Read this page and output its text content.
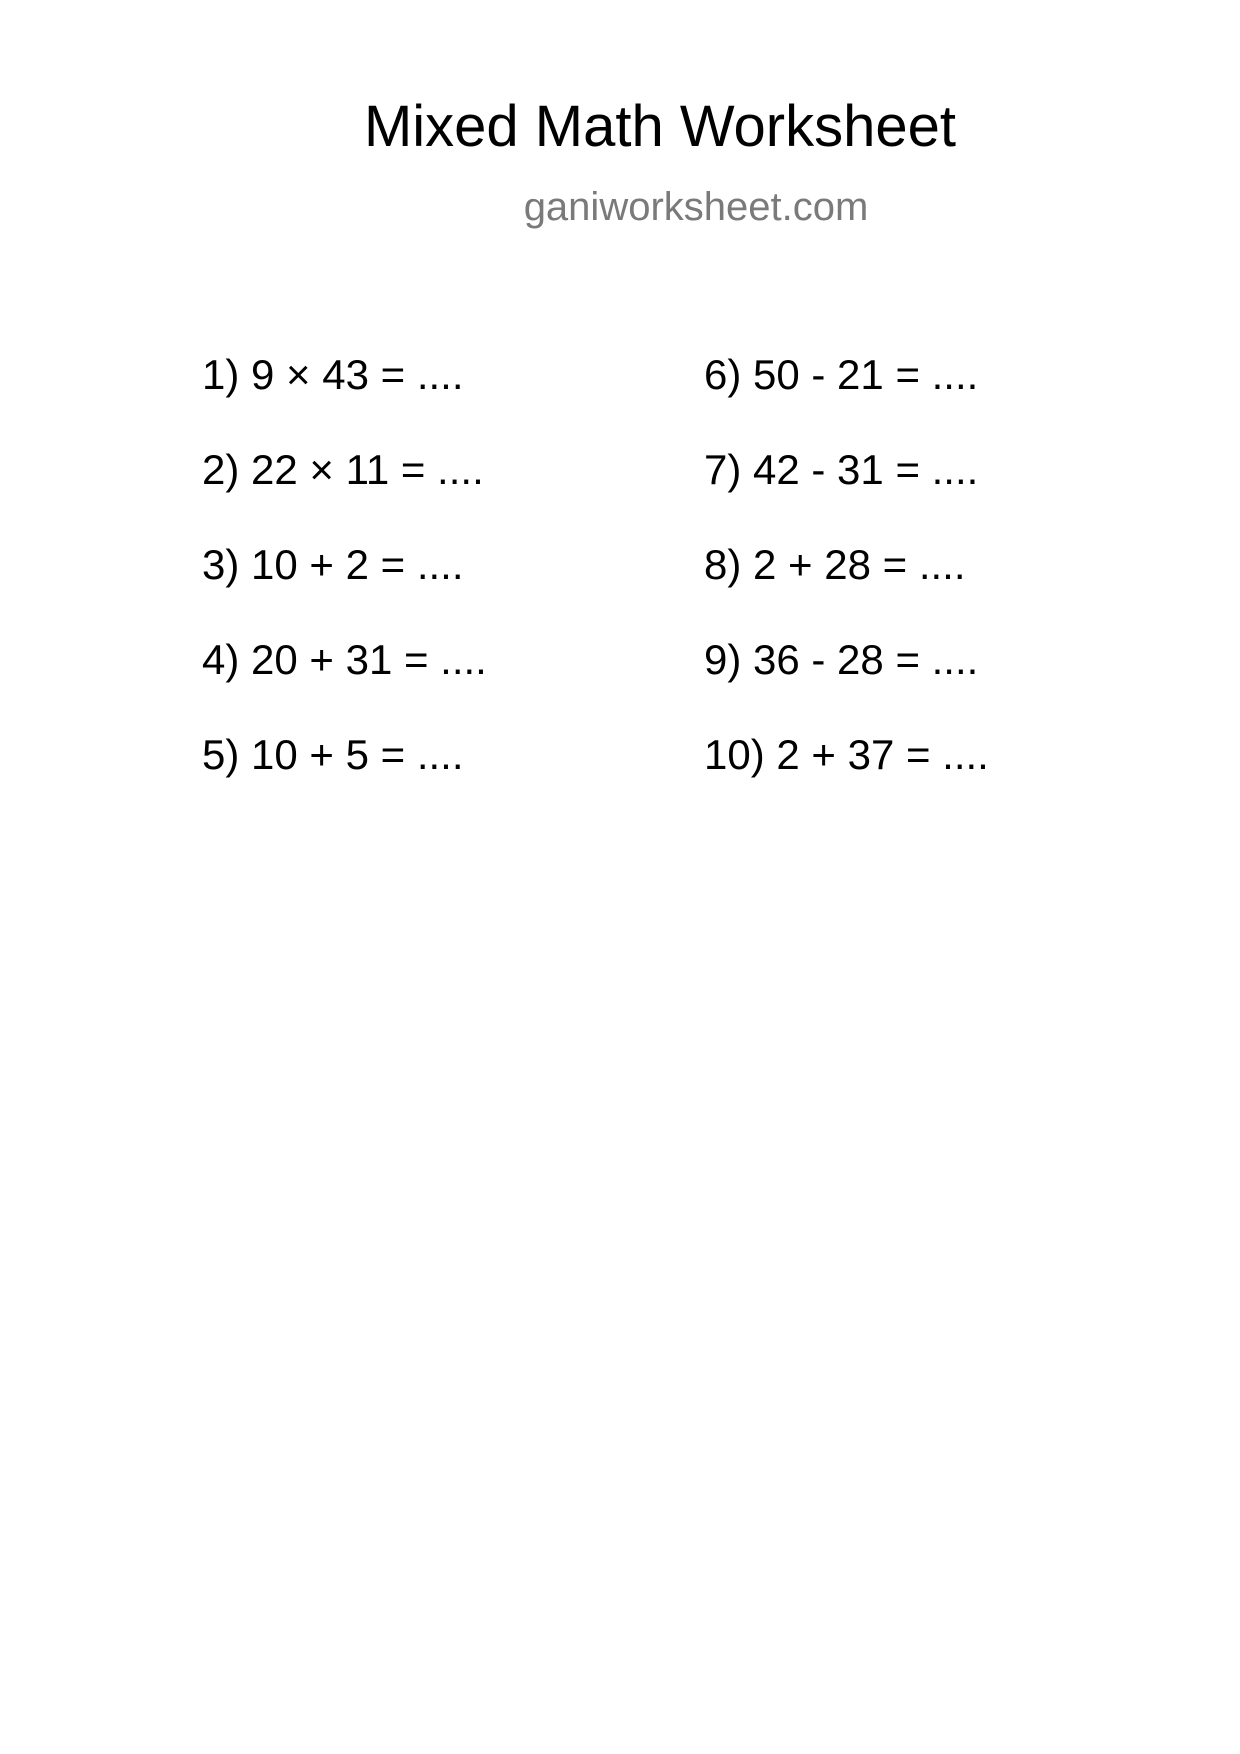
Mixed Math Worksheet
ganiworksheet.com
1) 9 × 43 = ....
2) 22 × 11 = ....
3) 10 + 2 = ....
4) 20 + 31 = ....
5) 10 + 5 = ....
6) 50 - 21 = ....
7) 42 - 31 = ....
8) 2 + 28 = ....
9) 36 - 28 = ....
10) 2 + 37 = ....
